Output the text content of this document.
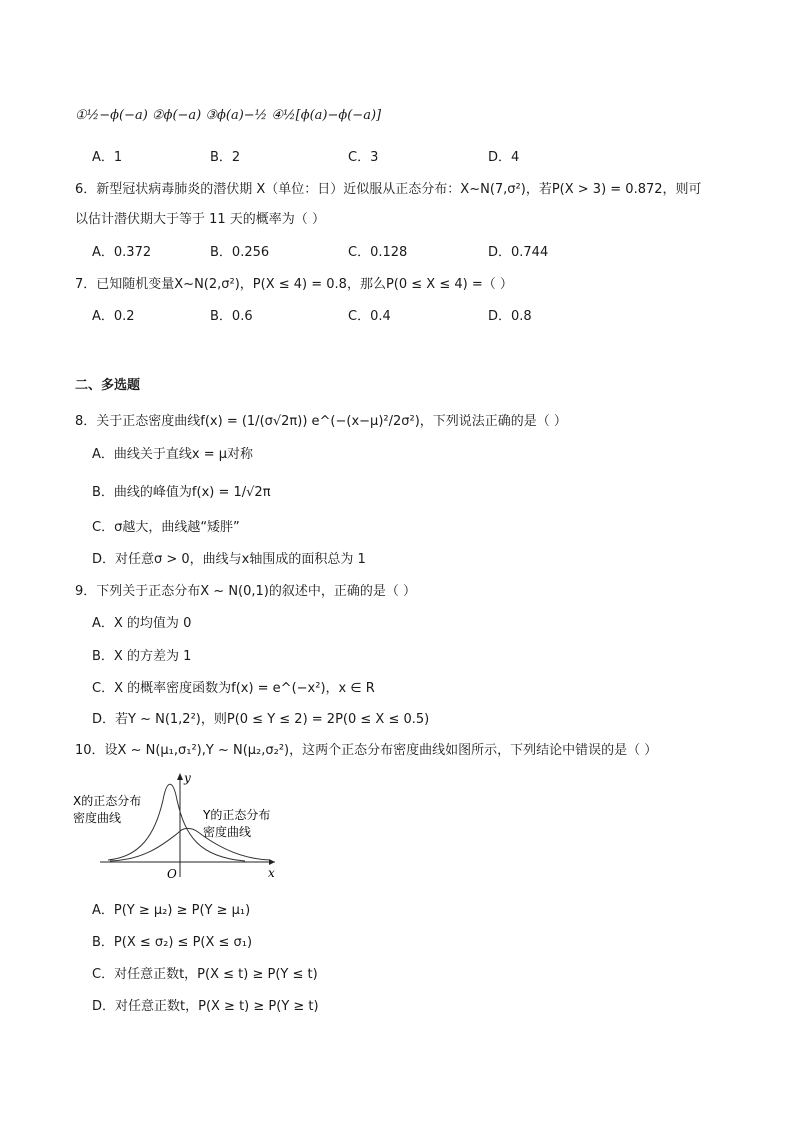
①½−ϕ(−a) ②ϕ(−a) ③ϕ(a)−½ ④½[ϕ(a)−ϕ(−a)]
A．1	B．2	C．3	D．4
6．新型冠状病毒肺炎的潜伏期 X（单位：日）近似服从正态分布：X~N(7,σ²)，若P(X > 3) = 0.872，则可
以估计潜伏期大于等于 11 天的概率为（ ）
A．0.372	B．0.256	C．0.128	D．0.744
7．已知随机变量X~N(2,σ²)，P(X ≤ 4) = 0.8，那么P(0 ≤ X ≤ 4) =（ ）
A．0.2	B．0.6	C．0.4	D．0.8
二、多选题
8．关于正态密度曲线f(x) = (1/(σ√2π)) e^(−(x−μ)²/2σ²)，下列说法正确的是（ ）
A．曲线关于直线x = μ对称
B．曲线的峰值为f(x) = 1/√2π
C．σ越大，曲线越“矮胖”
D．对任意σ > 0，曲线与x轴围成的面积总为 1
9．下列关于正态分布X ~ N(0,1)的叙述中，正确的是（ ）
A．X 的均值为 0
B．X 的方差为 1
C．X 的概率密度函数为f(x) = e^(−x²)，x ∈ R
D．若Y ~ N(1,2²)，则P(0 ≤ Y ≤ 2) = 2P(0 ≤ X ≤ 0.5)
10．设X ~ N(μ₁,σ₁²),Y ~ N(μ₂,σ₂²)，这两个正态分布密度曲线如图所示，下列结论中错误的是（ ）
y
x
O
X的正态分布
密度曲线	Y的正态分布
密度曲线
A．P(Y ≥ μ₂) ≥ P(Y ≥ μ₁)
B．P(X ≤ σ₂) ≤ P(X ≤ σ₁)
C．对任意正数t，P(X ≤ t) ≥ P(Y ≤ t)
D．对任意正数t，P(X ≥ t) ≥ P(Y ≥ t)
